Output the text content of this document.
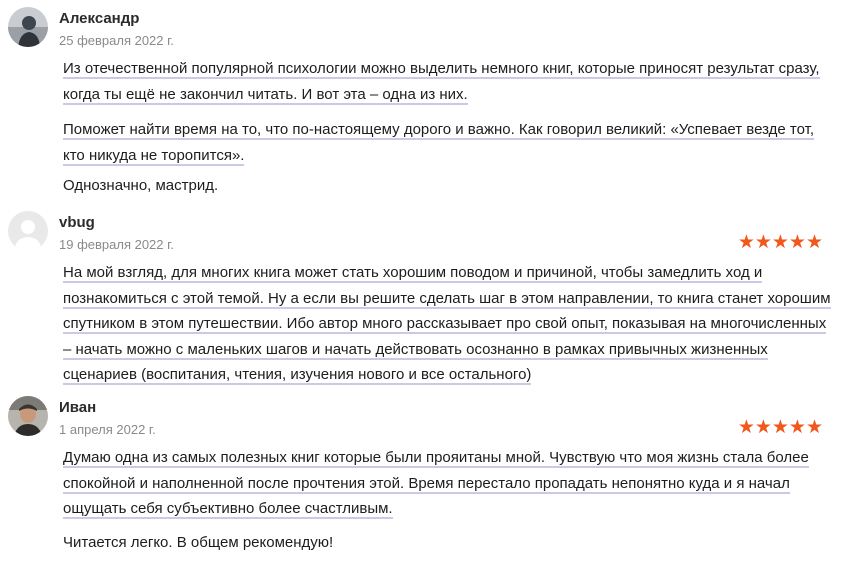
Александр
25 февраля 2022 г.

Из отечественной популярной психологии можно выделить немного книг, которые приносят результат сразу, когда ты ещё не закончил читать. И вот эта – одна из них.

Поможет найти время на то, что по-настоящему дорого и важно. Как говорил великий: «Успевает везде тот, кто никуда не торопится».

Однозначно, мастрид.

vbug
19 февраля 2022 г.	★★★★★

На мой взгляд, для многих книга может стать хорошим поводом и причиной, чтобы замедлить ход и познакомиться с этой темой. Ну а если вы решите сделать шаг в этом направлении, то книга станет хорошим спутником в этом путешествии. Ибо автор много рассказывает про свой опыт, показывая на многочисленных – начать можно с маленьких шагов и начать действовать осознанно в рамках привычных жизненных сценариев (воспитания, чтения, изучения нового и все остального)

Иван
1 апреля 2022 г.	★★★★★

Думаю одна из самых полезных книг которые были прояитаны мной. Чувствую что моя жизнь стала более спокойной и наполненной после прочтения этой. Время перестало пропадать непонятно куда и я начал ощущать себя субъективно более счастливым.

Читается легко. В общем рекомендую!
